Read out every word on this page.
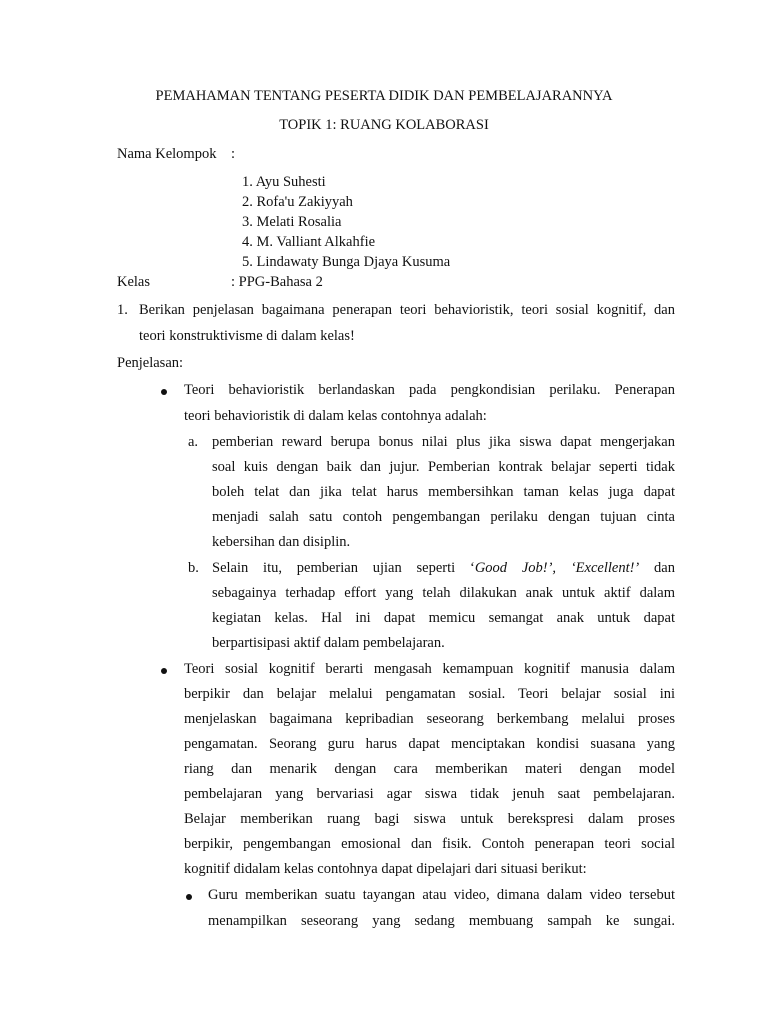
PEMAHAMAN TENTANG PESERTA DIDIK DAN PEMBELAJARANNYA
TOPIK 1: RUANG KOLABORASI
Nama Kelompok :
1. Ayu Suhesti
2. Rofa'u Zakiyyah
3. Melati Rosalia
4. M. Valliant Alkahfie
5. Lindawaty Bunga Djaya Kusuma
Kelas	: PPG-Bahasa 2
1. Berikan penjelasan bagaimana penerapan teori behavioristik, teori sosial kognitif, dan
teori konstruktivisme di dalam kelas!
Penjelasan:
Teori behavioristik berlandaskan pada pengkondisian perilaku. Penerapan
teori behavioristik di dalam kelas contohnya adalah:
a. pemberian reward berupa bonus nilai plus jika siswa dapat mengerjakan
soal kuis dengan baik dan jujur. Pemberian kontrak belajar seperti tidak
boleh telat dan jika telat harus membersihkan taman kelas juga dapat
menjadi salah satu contoh pengembangan perilaku dengan tujuan cinta
kebersihan dan disiplin.
b. Selain itu, pemberian ujian seperti ‘Good Job!’, ‘Excellent!’ dan
sebagainya terhadap effort yang telah dilakukan anak untuk aktif dalam
kegiatan kelas. Hal ini dapat memicu semangat anak untuk dapat
berpartisipasi aktif dalam pembelajaran.
Teori sosial kognitif berarti mengasah kemampuan kognitif manusia dalam
berpikir dan belajar melalui pengamatan sosial. Teori belajar sosial ini
menjelaskan bagaimana kepribadian seseorang berkembang melalui proses
pengamatan. Seorang guru harus dapat menciptakan kondisi suasana yang
riang dan menarik dengan cara memberikan materi dengan model
pembelajaran yang bervariasi agar siswa tidak jenuh saat pembelajaran.
Belajar memberikan ruang bagi siswa untuk berekspresi dalam proses
berpikir, pengembangan emosional dan fisik. Contoh penerapan teori social
kognitif didalam kelas contohnya dapat dipelajari dari situasi berikut:
Guru memberikan suatu tayangan atau video, dimana dalam video tersebut
menampilkan seseorang yang sedang membuang sampah ke sungai.
